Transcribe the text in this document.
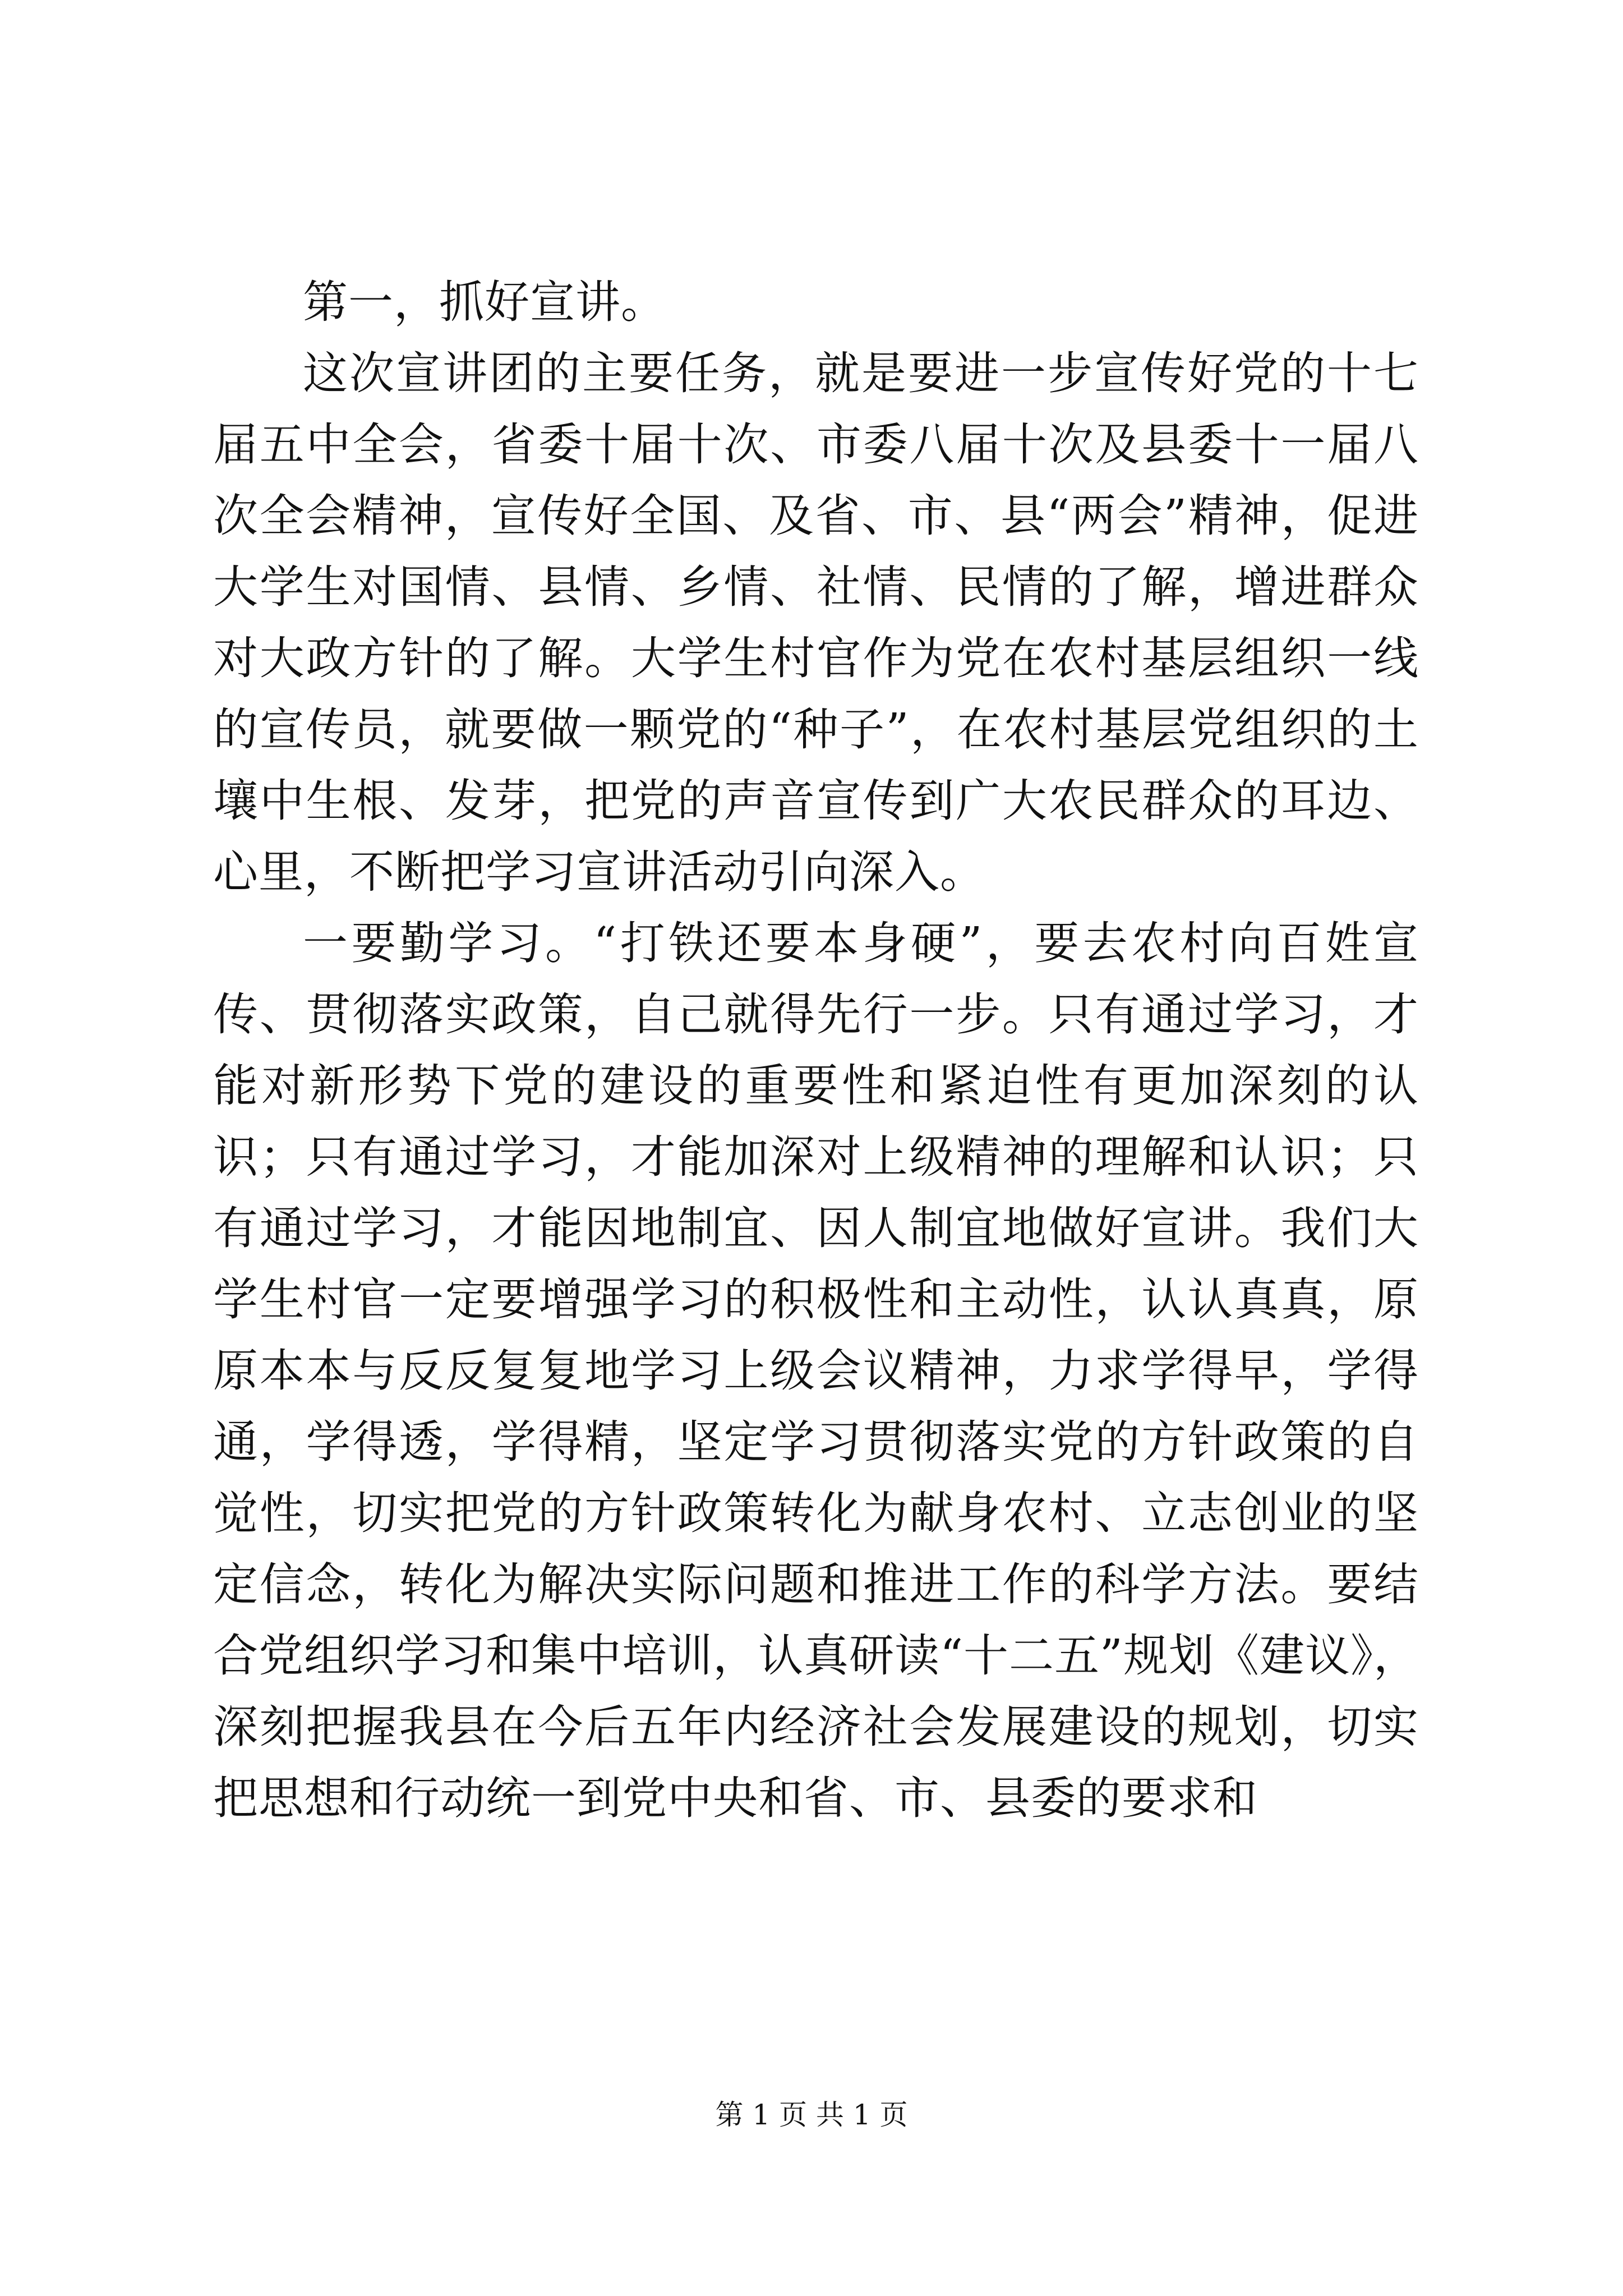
第一，抓好宣讲。

这次宣讲团的主要任务，就是要进一步宣传好党的十七届五中全会，省委十届十次、市委八届十次及县委十一届八次全会精神，宣传好全国、及省、市、县“两会”精神，促进大学生对国情、县情、乡情、社情、民情的了解，增进群众对大政方针的了解。大学生村官作为党在农村基层组织一线的宣传员，就要做一颗党的“种子”，在农村基层党组织的土壤中生根、发芽，把党的声音宣传到广大农民群众的耳边、心里，不断把学习宣讲活动引向深入。

一要勤学习。“打铁还要本身硬”，要去农村向百姓宣传、贯彻落实政策，自己就得先行一步。只有通过学习，才能对新形势下党的建设的重要性和紧迫性有更加深刻的认识；只有通过学习，才能加深对上级精神的理解和认识；只有通过学习，才能因地制宜、因人制宜地做好宣讲。我们大学生村官一定要增强学习的积极性和主动性，认认真真，原原本本与反反复复地学习上级会议精神，力求学得早，学得通，学得透，学得精，坚定学习贯彻落实党的方针政策的自觉性，切实把党的方针政策转化为献身农村、立志创业的坚定信念，转化为解决实际问题和推进工作的科学方法。要结合党组织学习和集中培训，认真研读“十二五”规划《建议》，深刻把握我县在今后五年内经济社会发展建设的规划，切实把思想和行动统一到党中央和省、市、县委的要求和

第 1 页 共 1 页
